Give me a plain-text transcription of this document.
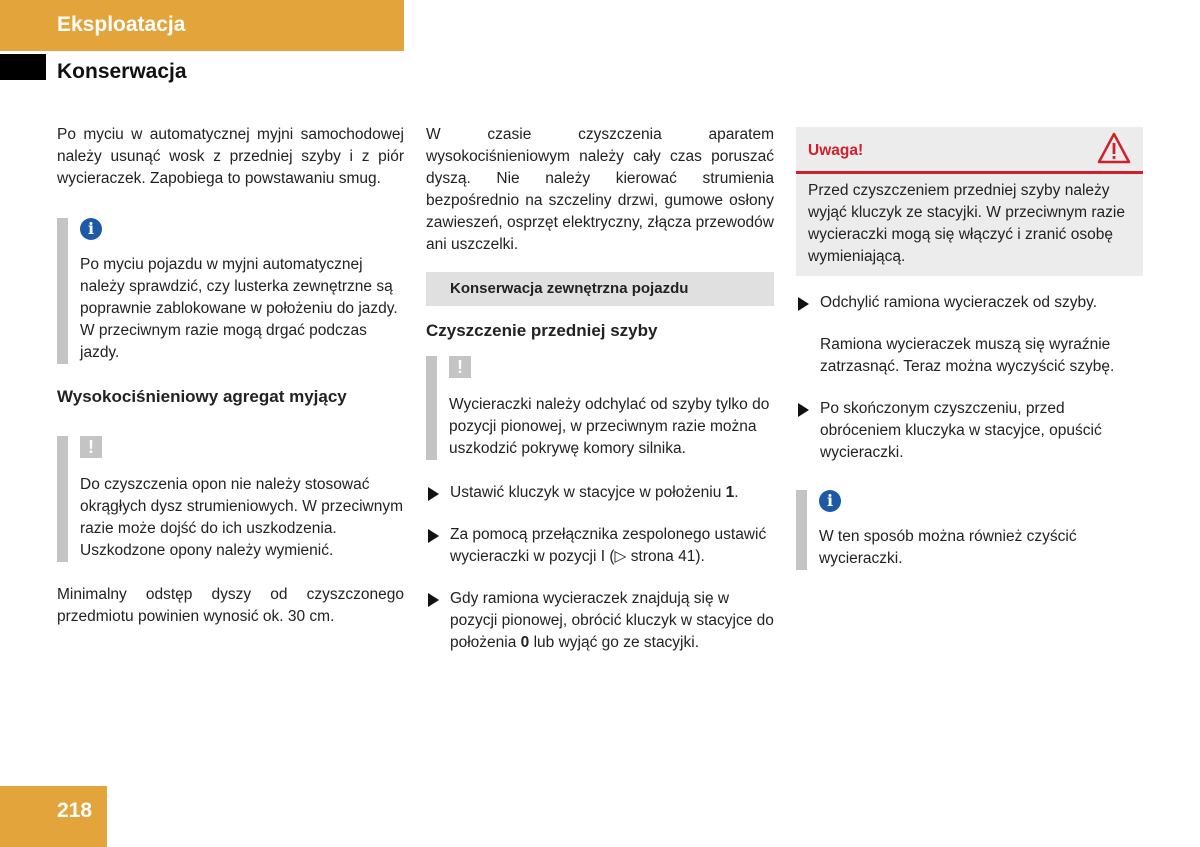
Eksploatacja
Konserwacja

Po myciu w automatycznej myjni samochodowej należy usunąć wosk z przedniej szyby i z piór wycieraczek. Zapobiega to powstawaniu smug.

i

Po myciu pojazdu w myjni automatycznej należy sprawdzić, czy lusterka zewnętrzne są poprawnie zablokowane w położeniu do jazdy. W przeciwnym razie mogą drgać podczas jazdy.

Wysokociśnieniowy agregat myjący

!

Do czyszczenia opon nie należy stosować okrągłych dysz strumieniowych. W przeciwnym razie może dojść do ich uszkodzenia. Uszkodzone opony należy wymienić.

Minimalny odstęp dyszy od czyszczonego przedmiotu powinien wynosić ok. 30 cm.

W czasie czyszczenia aparatem wysokociśnieniowym należy cały czas poruszać dyszą. Nie należy kierować strumienia bezpośrednio na szczeliny drzwi, gumowe osłony zawieszeń, osprzęt elektryczny, złącza przewodów ani uszczelki.

Konserwacja zewnętrzna pojazdu

Czyszczenie przedniej szyby

!

Wycieraczki należy odchylać od szyby tylko do pozycji pionowej, w przeciwnym razie można uszkodzić pokrywę komory silnika.

Ustawić kluczyk w stacyjce w położeniu 1.

Za pomocą przełącznika zespolonego ustawić wycieraczki w pozycji I (▷ strona 41).

Gdy ramiona wycieraczek znajdują się w pozycji pionowej, obrócić kluczyk w stacyjce do położenia 0 lub wyjąć go ze stacyjki.

Uwaga!

Przed czyszczeniem przedniej szyby należy wyjąć kluczyk ze stacyjki. W przeciwnym razie wycieraczki mogą się włączyć i zranić osobę wymieniającą.

Odchylić ramiona wycieraczek od szyby.

Ramiona wycieraczek muszą się wyraźnie zatrzasnąć. Teraz można wyczyścić szybę.

Po skończonym czyszczeniu, przed obróceniem kluczyka w stacyjce, opuścić wycieraczki.

i

W ten sposób można również czyścić wycieraczki.

218
